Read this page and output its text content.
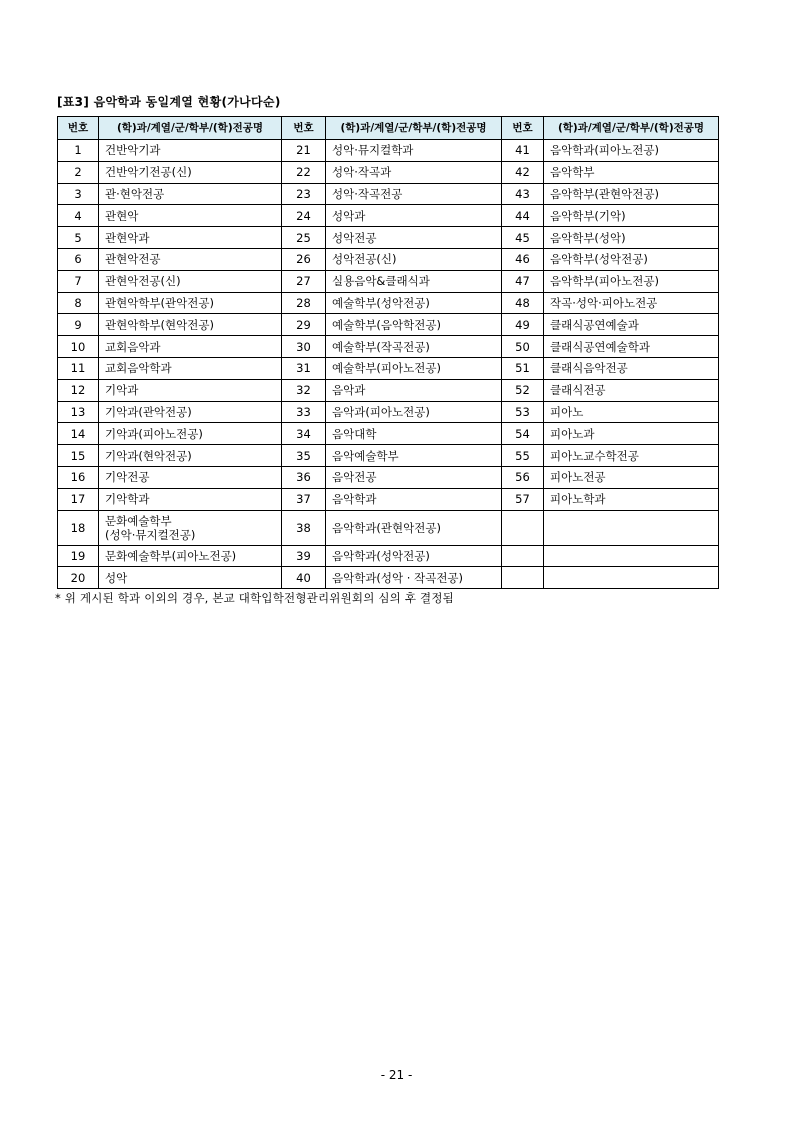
[표3] 음악학과 동일계열 현황(가나다순)
번호	(학)과/계열/군/학부/(학)전공명	번호	(학)과/계열/군/학부/(학)전공명	번호	(학)과/계열/군/학부/(학)전공명
1	건반악기과	21	성악·뮤지컬학과	41	음악학과(피아노전공)
2	건반악기전공(신)	22	성악·작곡과	42	음악학부
3	관·현악전공	23	성악·작곡전공	43	음악학부(관현악전공)
4	관현악	24	성악과	44	음악학부(기악)
5	관현악과	25	성악전공	45	음악학부(성악)
6	관현악전공	26	성악전공(신)	46	음악학부(성악전공)
7	관현악전공(신)	27	실용음악&클래식과	47	음악학부(피아노전공)
8	관현악학부(관악전공)	28	예술학부(성악전공)	48	작곡·성악·피아노전공
9	관현악학부(현악전공)	29	예술학부(음악학전공)	49	클래식공연예술과
10	교회음악과	30	예술학부(작곡전공)	50	클래식공연예술학과
11	교회음악학과	31	예술학부(피아노전공)	51	클래식음악전공
12	기악과	32	음악과	52	클래식전공
13	기악과(관악전공)	33	음악과(피아노전공)	53	피아노
14	기악과(피아노전공)	34	음악대학	54	피아노과
15	기악과(현악전공)	35	음악예술학부	55	피아노교수학전공
16	기악전공	36	음악전공	56	피아노전공
17	기악학과	37	음악학과	57	피아노학과
18	문화예술학부
(성악·뮤지컬전공)	38	음악학과(관현악전공)		
19	문화예술학부(피아노전공)	39	음악학과(성악전공)		
20	성악	40	음악학과(성악 · 작곡전공)		
* 위 게시된 학과 이외의 경우, 본교 대학입학전형관리위원회의 심의 후 결정됨
- 21 -
